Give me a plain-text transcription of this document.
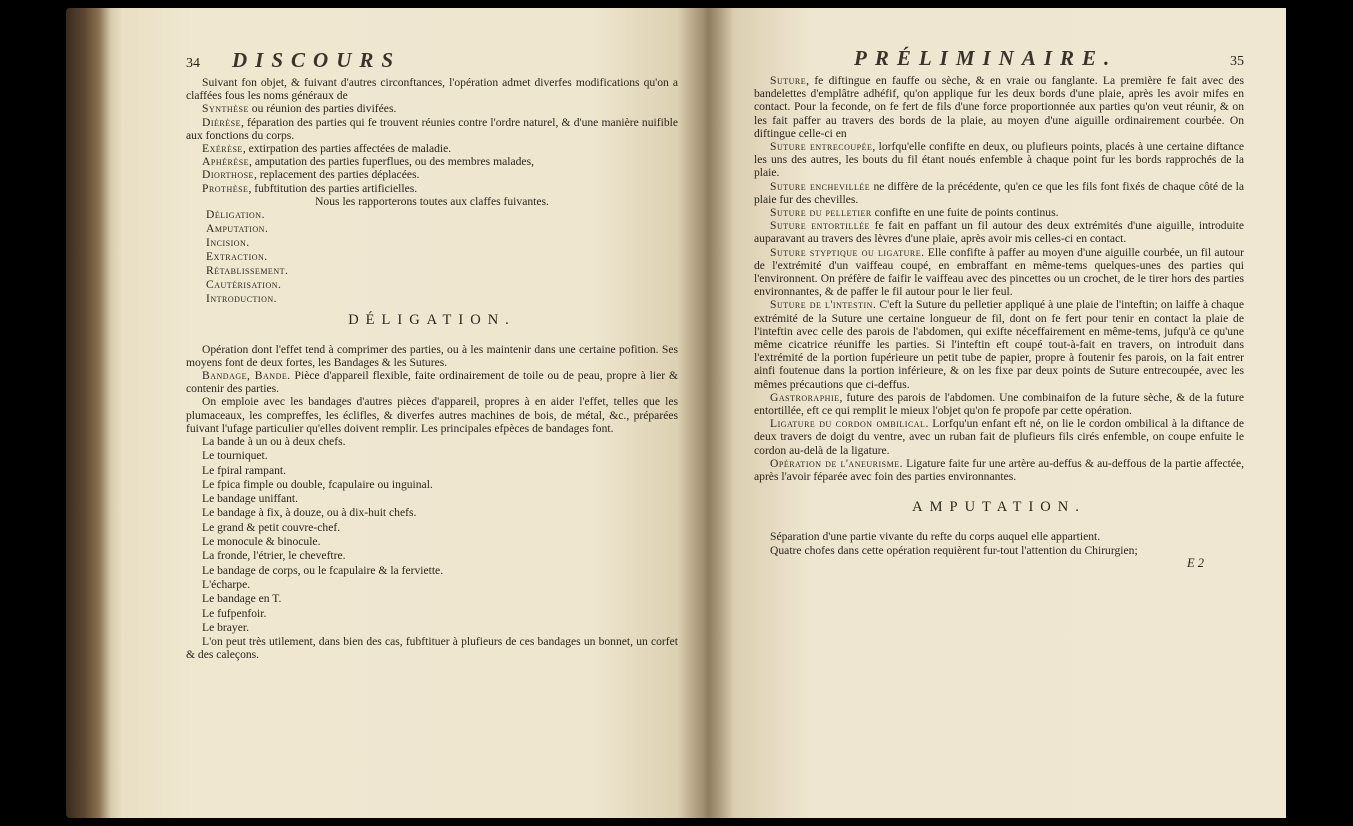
34	DISCOURS

Suivant fon objet, & fuivant d'autres circonftances, l'opération admet diverfes modifications qu'on a claffées fous les noms généraux de

Synthèse ou réunion des parties divifées.

Diérèse, féparation des parties qui fe trouvent réunies contre l'ordre naturel, & d'une manière nuifible aux fonctions du corps.

Exérèse, extirpation des parties affectées de maladie.

Aphérèse, amputation des parties fuperflues, ou des membres malades,

Diorthose, replacement des parties déplacées.

Prothèse, fubftitution des parties artificielles.

Nous les rapporterons toutes aux claffes fuivantes.
Déligation.
Amputation.
Incision.
Extraction.
Rétablissement.
Cautérisation.
Introduction.
DÉLIGATION.

Opération dont l'effet tend à comprimer des parties, ou à les maintenir dans une certaine pofition. Ses moyens font de deux fortes, les Bandages & les Sutures.

Bandage, Bande. Pièce d'appareil flexible, faite ordinairement de toile ou de peau, propre à lier & contenir des parties.

On emploie avec les bandages d'autres pièces d'appareil, propres à en aider l'effet, telles que les plumaceaux, les compreffes, les éclifles, & diverfes autres machines de bois, de métal, &c., préparées fuivant l'ufage particulier qu'elles doivent remplir. Les principales efpèces de bandages font.

La bande à un ou à deux chefs.
Le tourniquet.
Le fpiral rampant.
Le fpica fimple ou double, fcapulaire ou inguinal.
Le bandage uniffant.
Le bandage à fix, à douze, ou à dix-huit chefs.
Le grand & petit couvre-chef.
Le monocule & binocule.
La fronde, l'étrier, le cheveftre.
Le bandage de corps, ou le fcapulaire & la ferviette.
L'écharpe.
Le bandage en T.
Le fufpenfoir.
Le brayer.

L'on peut très utilement, dans bien des cas, fubftituer à plufieurs de ces bandages un bonnet, un corfet & des caleçons.

PRÉLIMINAIRE.	35

Suture, fe diftingue en fauffe ou sèche, & en vraie ou fanglante. La première fe fait avec des bandelettes d'emplâtre adhéfif, qu'on applique fur les deux bords d'une plaie, après les avoir mifes en contact. Pour la feconde, on fe fert de fils d'une force proportionnée aux parties qu'on veut réunir, & on les fait paffer au travers des bords de la plaie, au moyen d'une aiguille ordinairement courbée. On diftingue celle-ci en

Suture entrecoupée, lorfqu'elle confifte en deux, ou plufieurs points, placés à une certaine diftance les uns des autres, les bouts du fil étant noués enfemble à chaque point fur les bords rapprochés de la plaie.

Suture enchevillée ne diffère de la précédente, qu'en ce que les fils font fixés de chaque côté de la plaie fur des chevilles.

Suture du pelletier confifte en une fuite de points continus.

Suture entortillée fe fait en paffant un fil autour des deux extrémités d'une aiguille, introduite auparavant au travers des lèvres d'une plaie, après avoir mis celles-ci en contact.

Suture styptique ou ligature. Elle confifte à paffer au moyen d'une aiguille courbée, un fil autour de l'extrémité d'un vaiffeau coupé, en embraffant en même-tems quelques-unes des parties qui l'environnent. On préfère de faifir le vaiffeau avec des pincettes ou un crochet, de le tirer hors des parties environnantes, & de paffer le fil autour pour le lier feul.

Suture de l'intestin. C'eft la Suture du pelletier appliqué à une plaie de l'inteftin; on laiffe à chaque extrémité de la Suture une certaine longueur de fil, dont on fe fert pour tenir en contact la plaie de l'inteftin avec celle des parois de l'abdomen, qui exifte néceffairement en même-tems, jufqu'à ce qu'une même cicatrice réuniffe les parties. Si l'inteftin eft coupé tout-à-fait en travers, on introduit dans l'extrémité de la portion fupérieure un petit tube de papier, propre à foutenir fes parois, on la fait entrer ainfi foutenue dans la portion inférieure, & on les fixe par deux points de Suture entrecoupée, avec les mêmes précautions que ci-deffus.

Gastroraphie, future des parois de l'abdomen. Une combinaifon de la future sèche, & de la future entortillée, eft ce qui remplit le mieux l'objet qu'on fe propofe par cette opération.

Ligature du cordon ombilical. Lorfqu'un enfant eft né, on lie le cordon ombilical à la diftance de deux travers de doigt du ventre, avec un ruban fait de plufieurs fils cirés enfemble, on coupe enfuite le cordon au-delà de la ligature.

Opération de l'aneurisme. Ligature faite fur une artère au-deffus & au-deffous de la partie affectée, après l'avoir féparée avec foin des parties environnantes.

AMPUTATION.

Séparation d'une partie vivante du refte du corps auquel elle appartient.

Quatre chofes dans cette opération requièrent fur-tout l'attention du Chirurgien;

E 2
